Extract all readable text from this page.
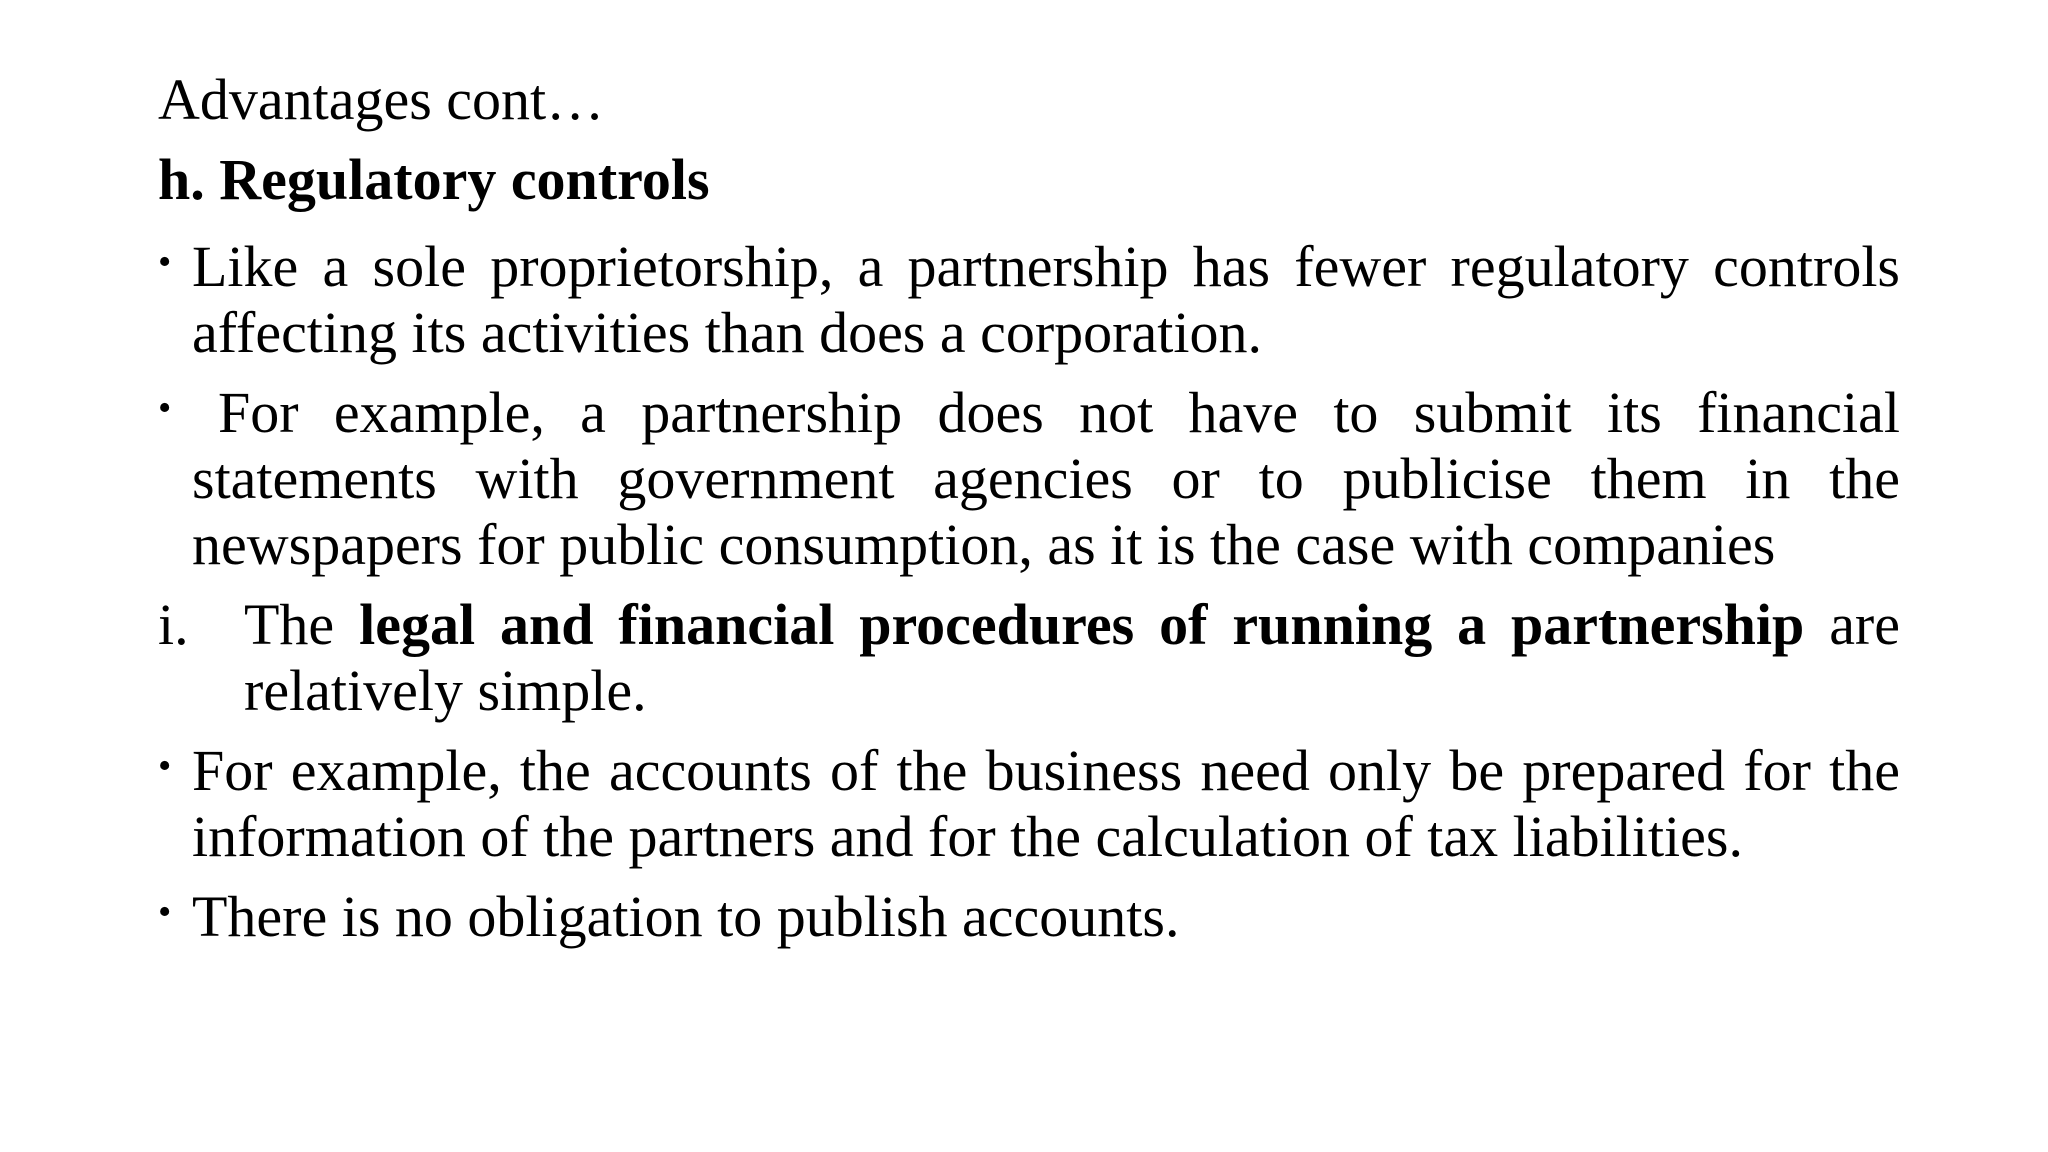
Advantages cont…

h. Regulatory controls

• Like a sole proprietorship, a partnership has fewer regulatory controls affecting its activities than does a corporation.
• For example, a partnership does not have to submit its financial statements with government agencies or to publicise them in the newspapers for public consumption, as it is the case with companies
i. The legal and financial procedures of running a partnership are relatively simple.
• For example, the accounts of the business need only be prepared for the information of the partners and for the calculation of tax liabilities.
• There is no obligation to publish accounts.
